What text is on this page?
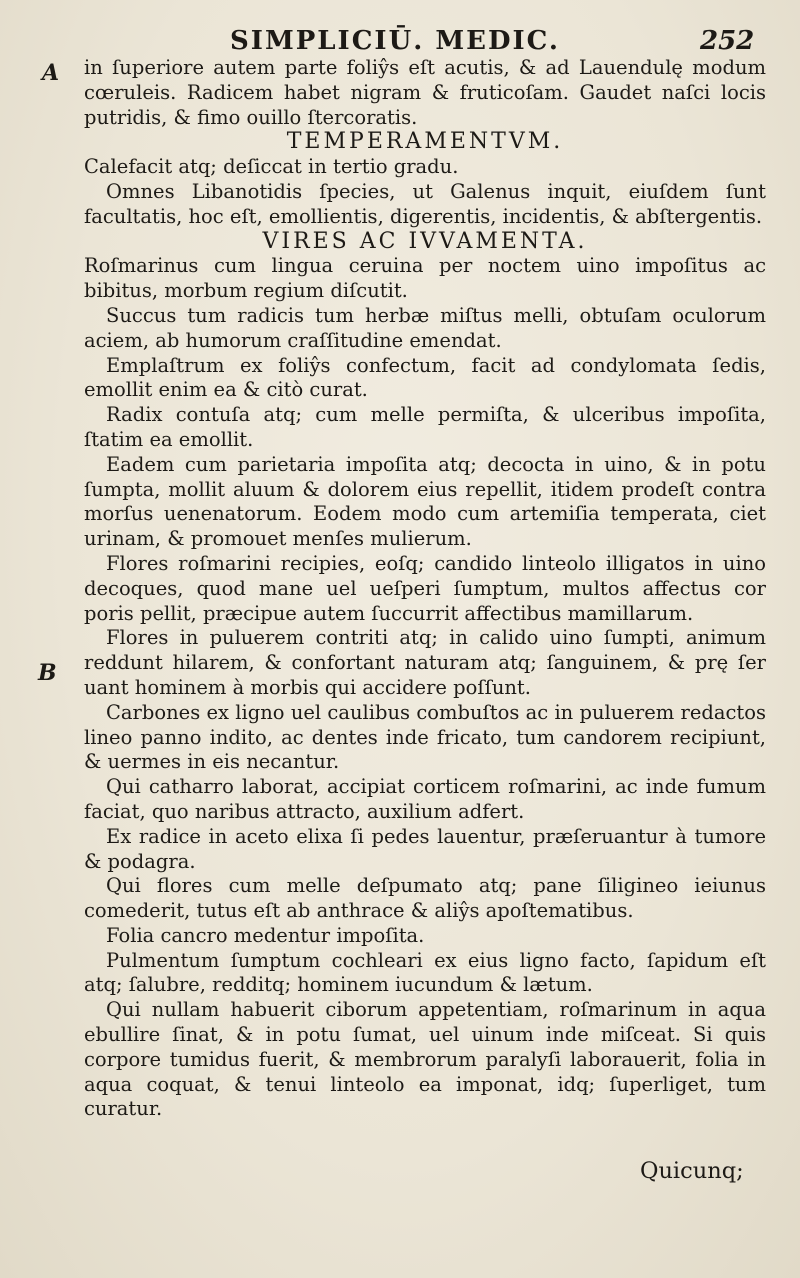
SIMPLICIŪ. MEDIC.	252
A
B

in ſuperiore autem parte foliŷs eſt acutis, & ad Lauendulę modum cœruleis. Radicem habet nigram & fruticoſam. Gaudet naſci locis putridis, & fimo ouillo ſtercoratis.

TEMPERAMENTVM.

Calefacit atq; deſiccat in tertio gradu.

Omnes Libanotidis ſpecies, ut Galenus inquit, eiuſdem ſunt facultatis, hoc eſt, emollientis, digerentis, incidentis, & abſtergentis.

VIRES AC IVVAMENTA.

Roſmarinus cum lingua ceruina per noctem uino impoſitus ac bibitus, morbum regium diſcutit.

Succus tum radicis tum herbæ miſtus melli, obtuſam oculorum aciem, ab humorum craſſitudine emendat.

Emplaſtrum ex foliŷs confectum, facit ad condylomata ſedis, emollit enim ea & citò curat.

Radix contuſa atq; cum melle permiſta, & ulceribus impoſita, ſtatim ea emollit.

Eadem cum parietaria impoſita atq; decocta in uino, & in potu ſumpta, mollit aluum & dolorem eius repellit, itidem prodeſt contra morſus uenenatorum. Eodem modo cum artemiſia temperata, ciet urinam, & promouet menſes mulierum.

Flores roſmarini recipies, eoſq; candido linteolo illigatos in uino decoques, quod mane uel ueſperi ſumptum, multos affectus cor poris pellit, præcipue autem ſuccurrit affectibus mamillarum.

Flores in puluerem contriti atq; in calido uino ſumpti, animum reddunt hilarem, & confortant naturam atq; ſanguinem, & prę ſer uant hominem à morbis qui accidere poſſunt.

Carbones ex ligno uel caulibus combuſtos ac in puluerem redactos lineo panno indito, ac dentes inde fricato, tum candorem recipiunt, & uermes in eis necantur.

Qui catharro laborat, accipiat corticem roſmarini, ac inde fumum faciat, quo naribus attracto, auxilium adfert.

Ex radice in aceto elixa ſi pedes lauentur, præſeruantur à tumore & podagra.

Qui flores cum melle deſpumato atq; pane ſiligineo ieiunus comederit, tutus eſt ab anthrace & aliŷs apoſtematibus.

Folia cancro medentur impoſita.

Pulmentum ſumptum cochleari ex eius ligno facto, ſapidum eſt atq; ſalubre, redditq; hominem iucundum & lætum.

Qui nullam habuerit ciborum appetentiam, roſmarinum in aqua ebullire ſinat, & in potu ſumat, uel uinum inde miſceat. Si quis corpore tumidus fuerit, & membrorum paralyſi laborauerit, folia in aqua coquat, & tenui linteolo ea imponat, idq; ſuperliget, tum curatur.

Quicunq;
